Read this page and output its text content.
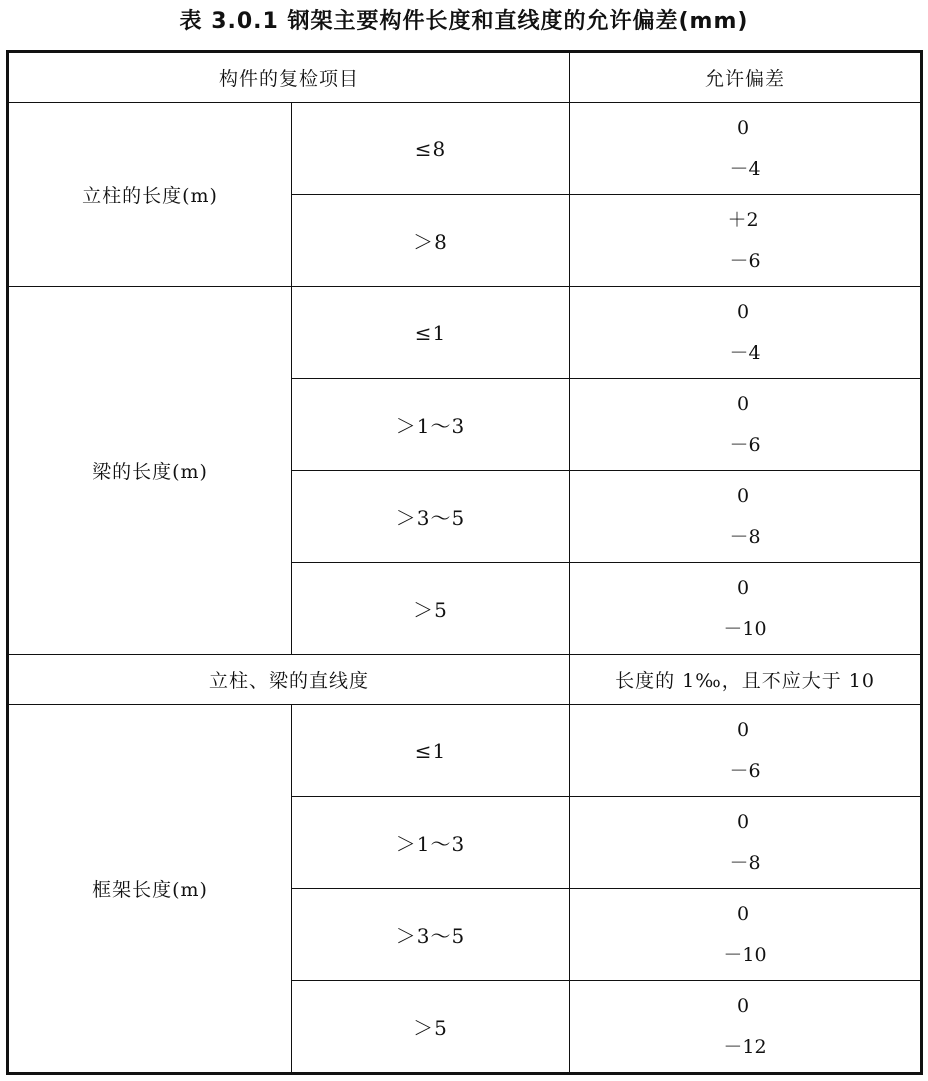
表 3.0.1 钢架主要构件长度和直线度的允许偏差(mm)
构件的复检项目		允许偏差
立柱的长度(m)	≤8	0
－4

	＞8	＋2
－6

梁的长度(m)	≤1	0
－4

	＞1～3	0
－6

	＞3～5	0
－8

	＞5	0
－10

立柱、梁的直线度		长度的 1‰，且不应大于 10
框架长度(m)	≤1	0
－6

	＞1～3	0
－8

	＞3～5	0
－10

	＞5	0
－12
